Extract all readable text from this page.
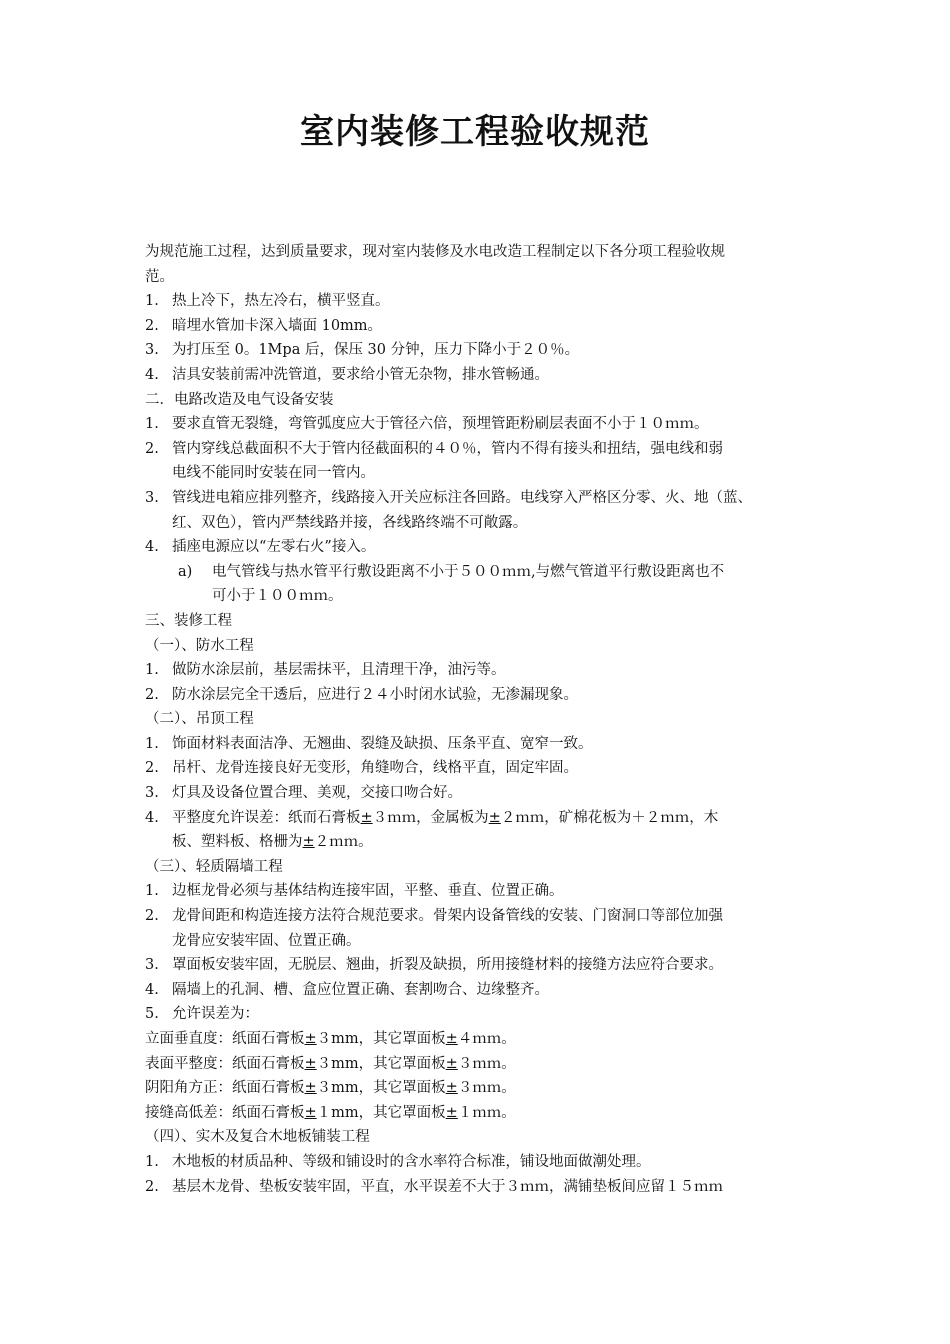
室内装修工程验收规范
为规范施工过程，达到质量要求，现对室内装修及水电改造工程制定以下各分项工程验收规
范。
1. 热上冷下，热左冷右，横平竖直。
2. 暗埋水管加卡深入墙面 10mm。
3. 为打压至 0。1Mpa 后，保压 30 分钟，压力下降小于２０％。
4. 洁具安装前需冲洗管道，要求给小管无杂物，排水管畅通。
二．电路改造及电气设备安装
1. 要求直管无裂缝，弯管弧度应大于管径六倍，预埋管距粉刷层表面不小于１０ｍｍ。
2. 管内穿线总截面积不大于管内径截面积的４０％，管内不得有接头和扭结，强电线和弱
电线不能同时安装在同一管内。
3. 管线进电箱应排列整齐，线路接入开关应标注各回路。电线穿入严格区分零、火、地（蓝、
红、双色），管内严禁线路并接，各线路终端不可敞露。
4. 插座电源应以“左零右火”接入。
a) 电气管线与热水管平行敷设距离不小于５００ｍｍ,与燃气管道平行敷设距离也不
可小于１００ｍｍ。
三、装修工程
（一）、防水工程
1. 做防水涂层前，基层需抹平，且清理干净，油污等。
2. 防水涂层完全干透后，应进行２４小时闭水试验，无渗漏现象。
（二）、吊顶工程
1. 饰面材料表面洁净、无翘曲、裂缝及缺损、压条平直、宽窄一致。
2. 吊杆、龙骨连接良好无变形，角缝吻合，线格平直，固定牢固。
3. 灯具及设备位置合理、美观，交接口吻合好。
4. 平整度允许误差：纸而石膏板±３ｍｍ，金属板为±２ｍｍ，矿棉花板为＋２ｍｍ，木
板、塑料板、格栅为±２ｍｍ。
（三）、轻质隔墙工程
1. 边框龙骨必须与基体结构连接牢固，平整、垂直、位置正确。
2. 龙骨间距和构造连接方法符合规范要求。骨架内设备管线的安装、门窗洞口等部位加强
龙骨应安装牢固、位置正确。
3. 罩面板安装牢固，无脱层、翘曲，折裂及缺损，所用接缝材料的接缝方法应符合要求。
4. 隔墙上的孔洞、槽、盒应位置正确、套割吻合、边缘整齐。
5. 允许误差为：
立面垂直度：纸面石膏板±３mm，其它罩面板±４ｍｍ。
表面平整度：纸面石膏板±３mm，其它罩面板±３ｍｍ。
阴阳角方正：纸面石膏板±３mm，其它罩面板±３ｍｍ。
接缝高低差：纸面石膏板±１mm，其它罩面板±１ｍｍ。
（四）、实木及复合木地板铺装工程
1. 木地板的材质品种、等级和铺设时的含水率符合标准，铺设地面做潮处理。
2. 基层木龙骨、垫板安装牢固，平直，水平误差不大于３ｍｍ，满铺垫板间应留１５ｍｍ
